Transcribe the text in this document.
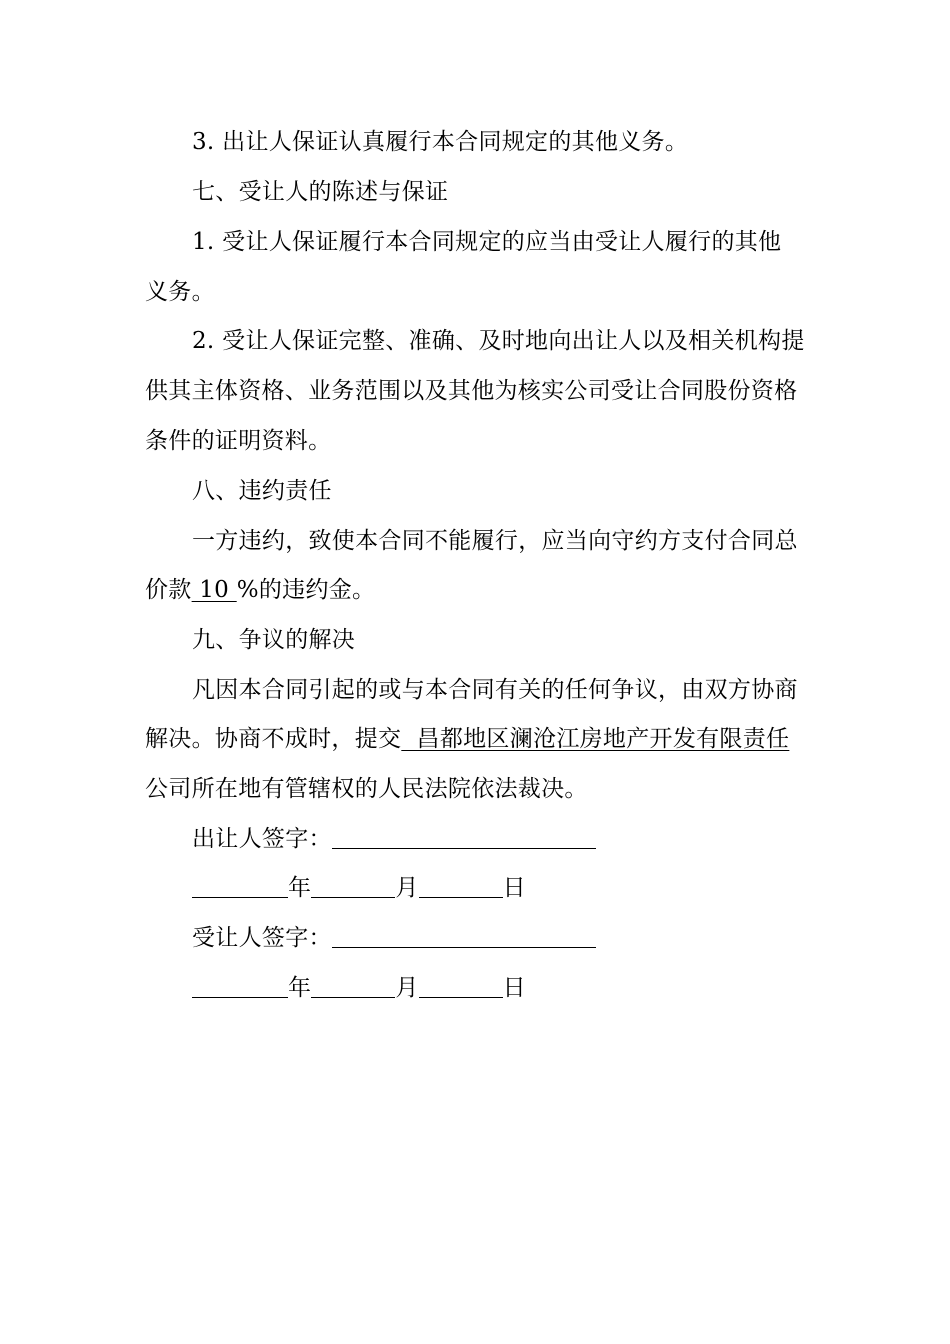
3. 出让人保证认真履行本合同规定的其他义务。
七、受让人的陈述与保证
1. 受让人保证履行本合同规定的应当由受让人履行的其他
义务。
2. 受让人保证完整、准确、及时地向出让人以及相关机构提
供其主体资格、业务范围以及其他为核实公司受让合同股份资格
条件的证明资料。
八、违约责任
一方违约，致使本合同不能履行，应当向守约方支付合同总
价款 10 %的违约金。
九、争议的解决
凡因本合同引起的或与本合同有关的任何争议，由双方协商
解决。协商不成时，提交  昌都地区澜沧江房地产开发有限责任
公司所在地有管辖权的人民法院依法裁决。
出让人签字：
年	月	日
受让人签字：
年	月	日
